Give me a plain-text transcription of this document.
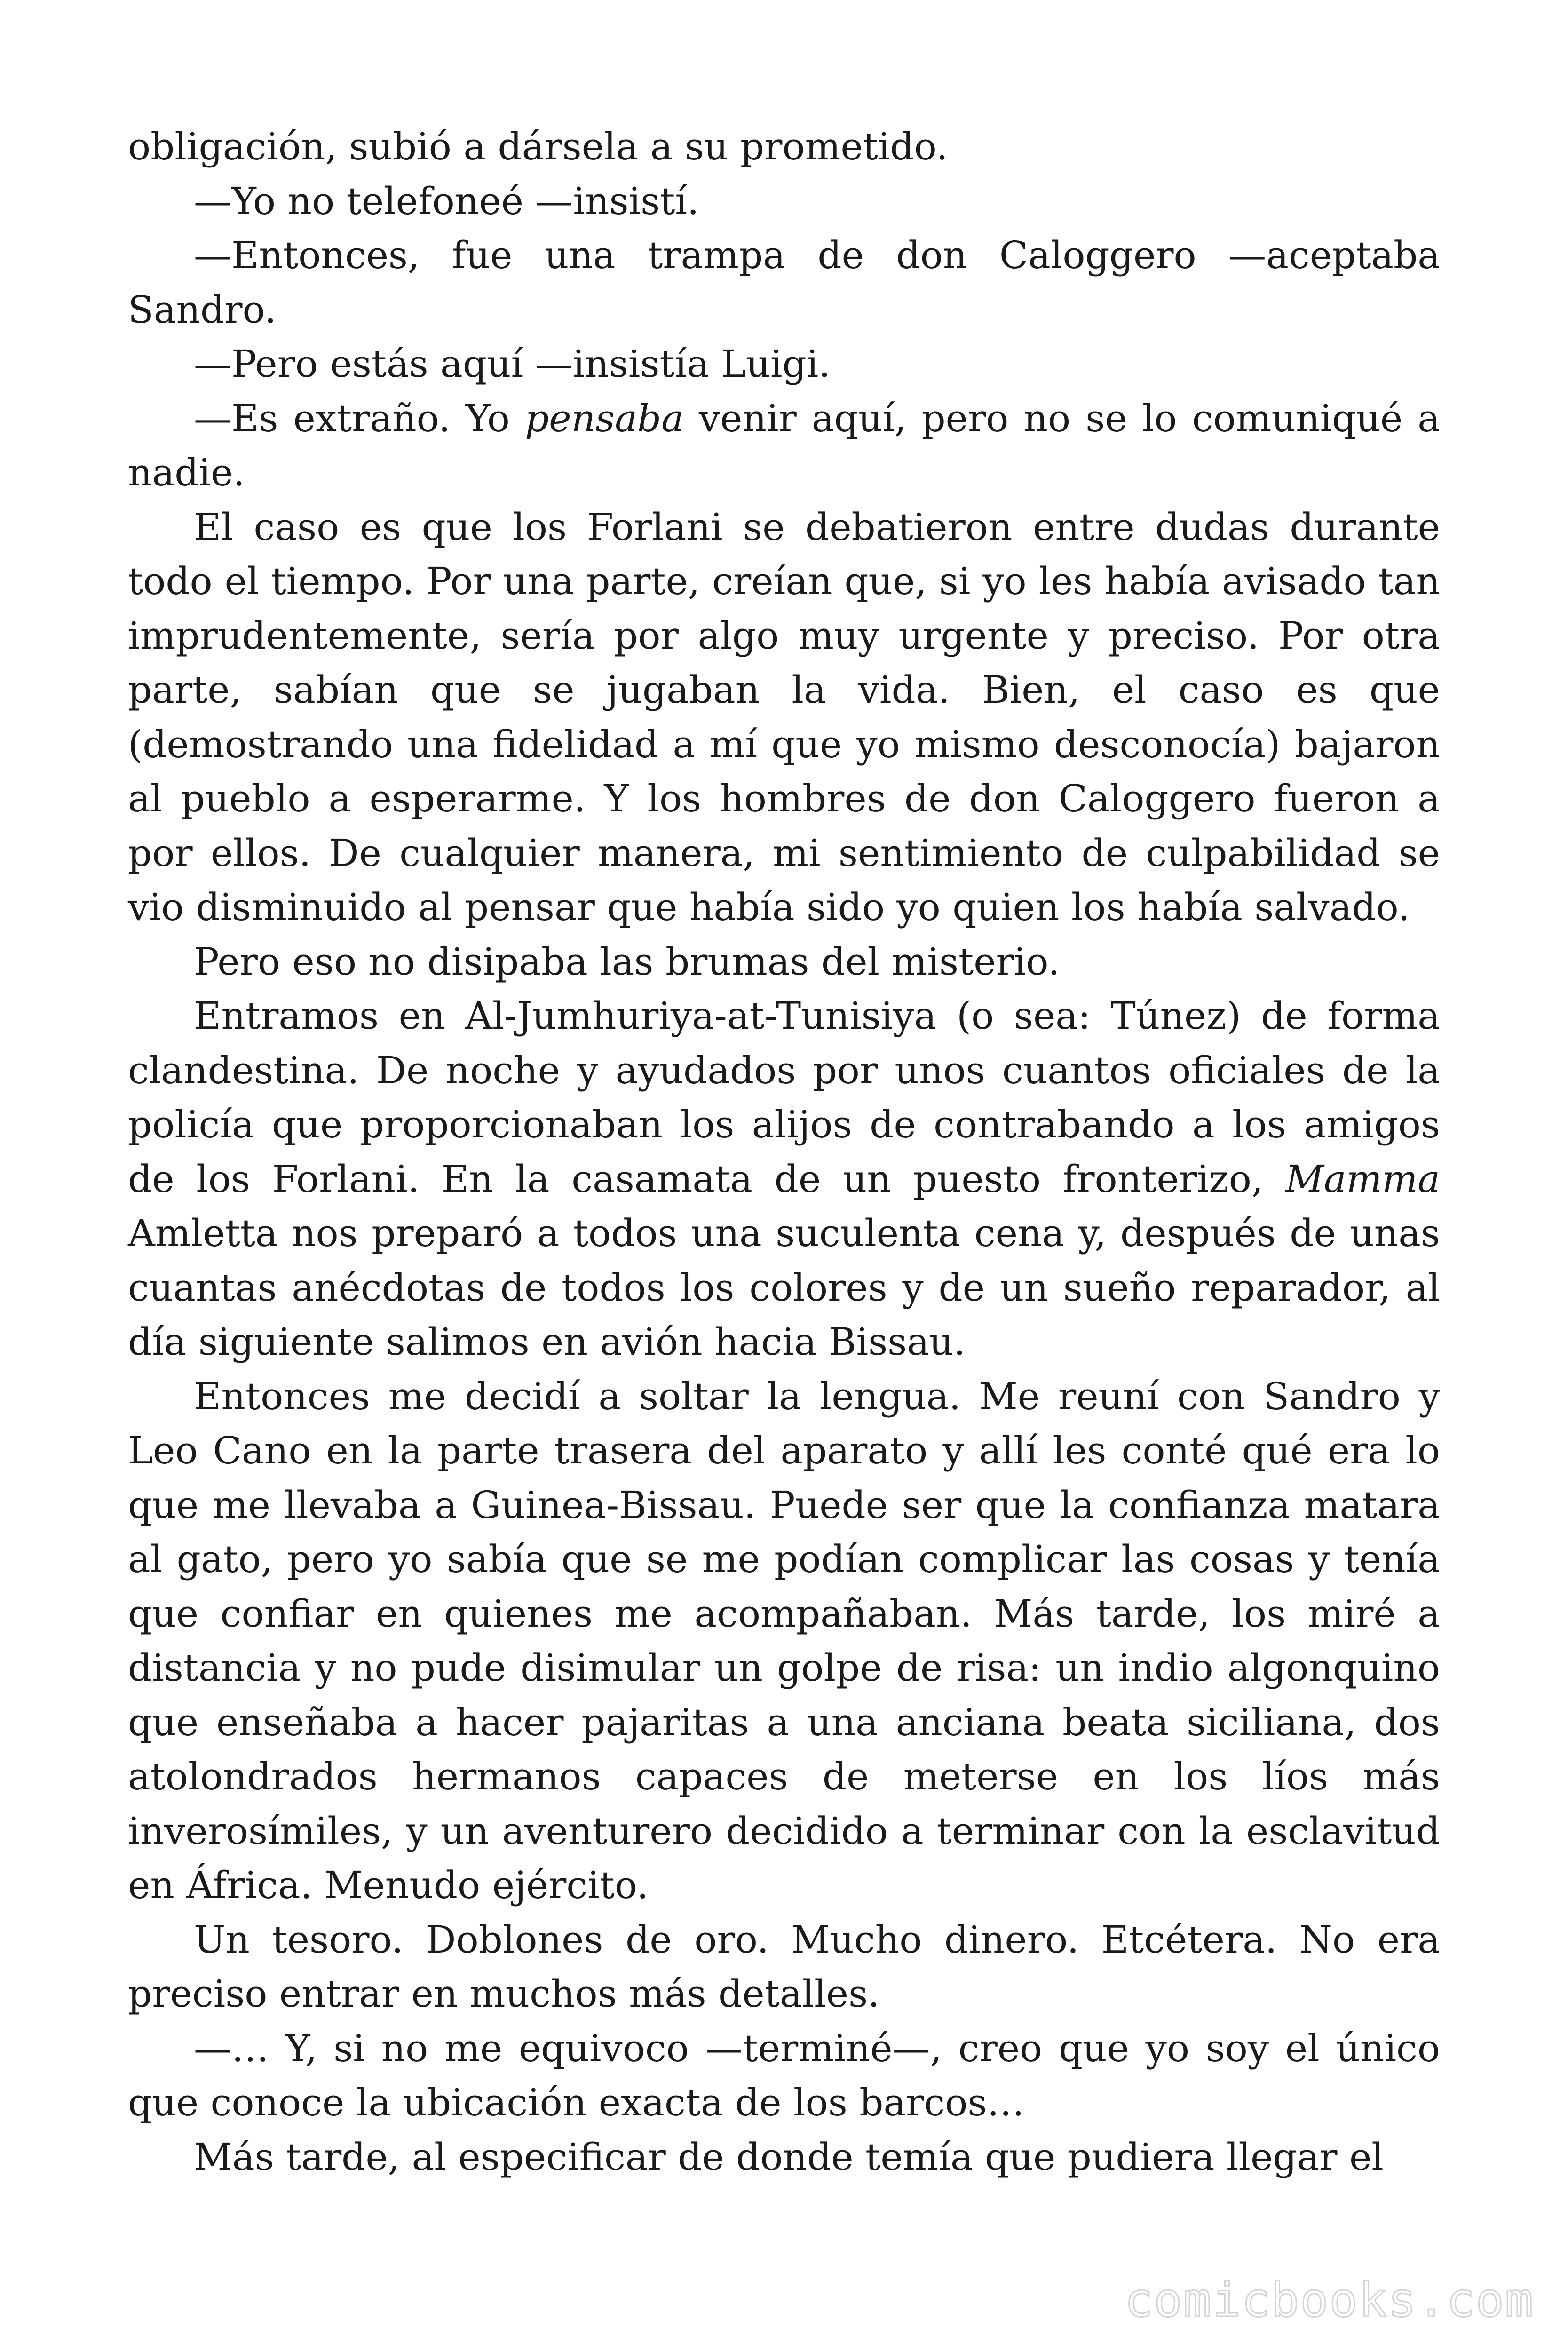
obligación, subió a dársela a su prometido.

—Yo no telefoneé —insistí.

—Entonces, fue una trampa de don Caloggero —aceptaba Sandro.

—Pero estás aquí —insistía Luigi.

—Es extraño. Yo pensaba venir aquí, pero no se lo comuniqué a nadie.

El caso es que los Forlani se debatieron entre dudas durante todo el tiempo. Por una parte, creían que, si yo les había avisado tan imprudentemente, sería por algo muy urgente y preciso. Por otra parte, sabían que se jugaban la vida. Bien, el caso es que (demostrando una fidelidad a mí que yo mismo desconocía) bajaron al pueblo a esperarme. Y los hombres de don Caloggero fueron a por ellos. De cualquier manera, mi sentimiento de culpabilidad se vio disminuido al pensar que había sido yo quien los había salvado.

Pero eso no disipaba las brumas del misterio.

Entramos en Al-Jumhuriya-at-Tunisiya (o sea: Túnez) de forma clandestina. De noche y ayudados por unos cuantos oficiales de la policía que proporcionaban los alijos de contrabando a los amigos de los Forlani. En la casamata de un puesto fronterizo, Mamma Amletta nos preparó a todos una suculenta cena y, después de unas cuantas anécdotas de todos los colores y de un sueño reparador, al día siguiente salimos en avión hacia Bissau.

Entonces me decidí a soltar la lengua. Me reuní con Sandro y Leo Cano en la parte trasera del aparato y allí les conté qué era lo que me llevaba a Guinea-Bissau. Puede ser que la confianza matara al gato, pero yo sabía que se me podían complicar las cosas y tenía que confiar en quienes me acompañaban. Más tarde, los miré a distancia y no pude disimular un golpe de risa: un indio algonquino que enseñaba a hacer pajaritas a una anciana beata siciliana, dos atolondrados hermanos capaces de meterse en los líos más inverosímiles, y un aventurero decidido a terminar con la esclavitud en África. Menudo ejército.

Un tesoro. Doblones de oro. Mucho dinero. Etcétera. No era preciso entrar en muchos más detalles.

—… Y, si no me equivoco —terminé—, creo que yo soy el único que conoce la ubicación exacta de los barcos…

Más tarde, al especificar de donde temía que pudiera llegar el

comicbooks.com
